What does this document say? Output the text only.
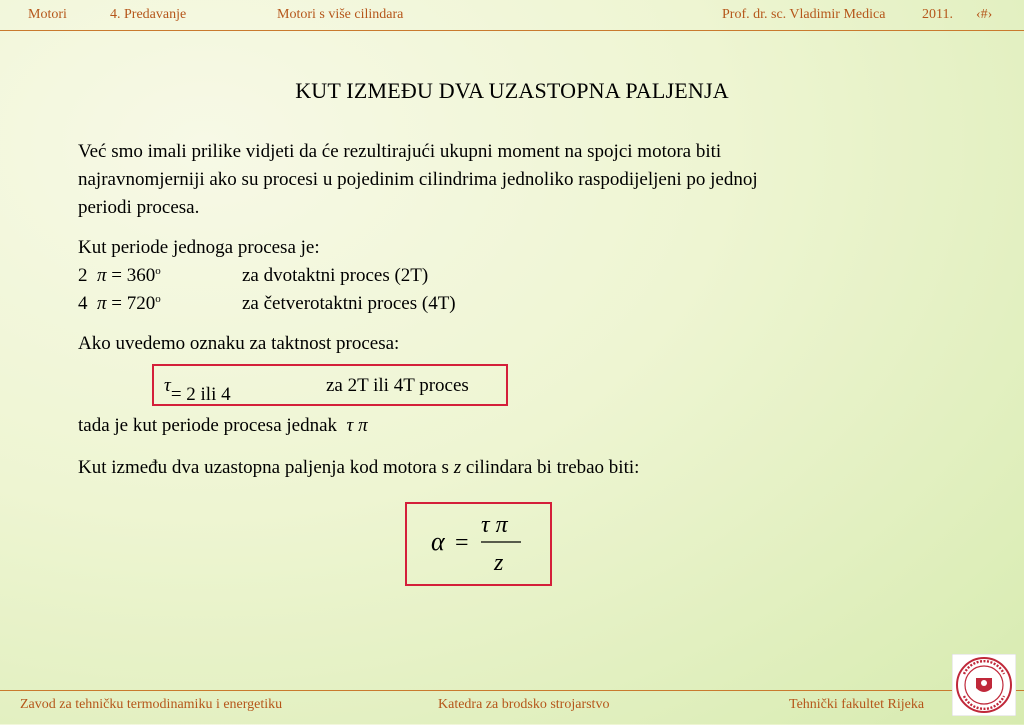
Motori	4. Predavanje	Motori s više cilindara	Prof. dr. sc. Vladimir Medica	2011. ‹#›
KUT IZMEĐU DVA UZASTOPNA PALJENJA

Već smo imali prilike vidjeti da će rezultirajući ukupni moment na spojci motora biti

najravnomjerniji ako su procesi u pojedinim cilindrima jednoliko raspodijeljeni po jednoj

periodi procesa.

Kut periode jednoga procesa je:

2  $\pi = 360^o$	za dvotaktni proces (2T)
4  $\pi = 720^o$	za četverotaktni proces (4T)

Ako uvedemo oznaku za taktnost procesa:

τ = 2 ili 4	za 2T ili 4T proces
tada je kut periode procesa jednak  τ π
Kut između dva uzastopna paljenja kod motora s z cilindara bi trebao biti:
α =
τ π
z
Zavod za tehničku termodinamiku i energetiku	Katedra za brodsko strojarstvo	Tehnički fakultet Rijeka
